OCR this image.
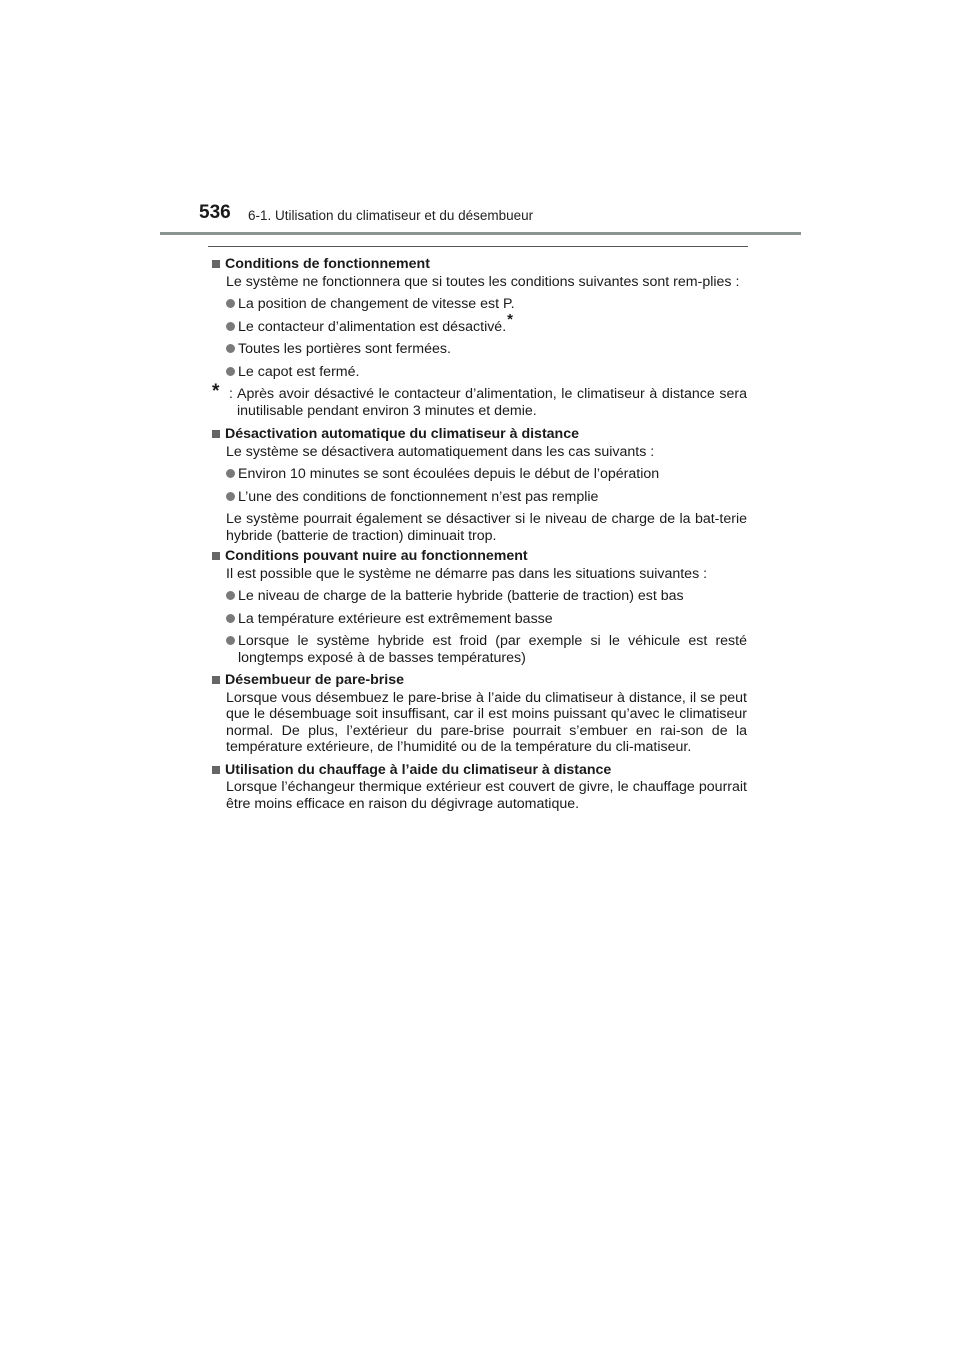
536 6-1. Utilisation du climatiseur et du désembueur
Conditions de fonctionnement
Le système ne fonctionnera que si toutes les conditions suivantes sont rem-plies :
La position de changement de vitesse est P.
Le contacteur d’alimentation est désactivé.*
Toutes les portières sont fermées.
Le capot est fermé.
* : Après avoir désactivé le contacteur d’alimentation, le climatiseur à distance sera inutilisable pendant environ 3 minutes et demie.
Désactivation automatique du climatiseur à distance
Le système se désactivera automatiquement dans les cas suivants :
Environ 10 minutes se sont écoulées depuis le début de l’opération
L’une des conditions de fonctionnement n’est pas remplie
Le système pourrait également se désactiver si le niveau de charge de la bat-terie hybride (batterie de traction) diminuait trop.
Conditions pouvant nuire au fonctionnement
Il est possible que le système ne démarre pas dans les situations suivantes :
Le niveau de charge de la batterie hybride (batterie de traction) est bas
La température extérieure est extrêmement basse
Lorsque le système hybride est froid (par exemple si le véhicule est resté longtemps exposé à de basses températures)
Désembueur de pare-brise
Lorsque vous désembuez le pare-brise à l’aide du climatiseur à distance, il se peut que le désembuage soit insuffisant, car il est moins puissant qu’avec le climatiseur normal. De plus, l’extérieur du pare-brise pourrait s’embuer en rai-son de la température extérieure, de l’humidité ou de la température du cli-matiseur.
Utilisation du chauffage à l’aide du climatiseur à distance
Lorsque l’échangeur thermique extérieur est couvert de givre, le chauffage pourrait être moins efficace en raison du dégivrage automatique.
